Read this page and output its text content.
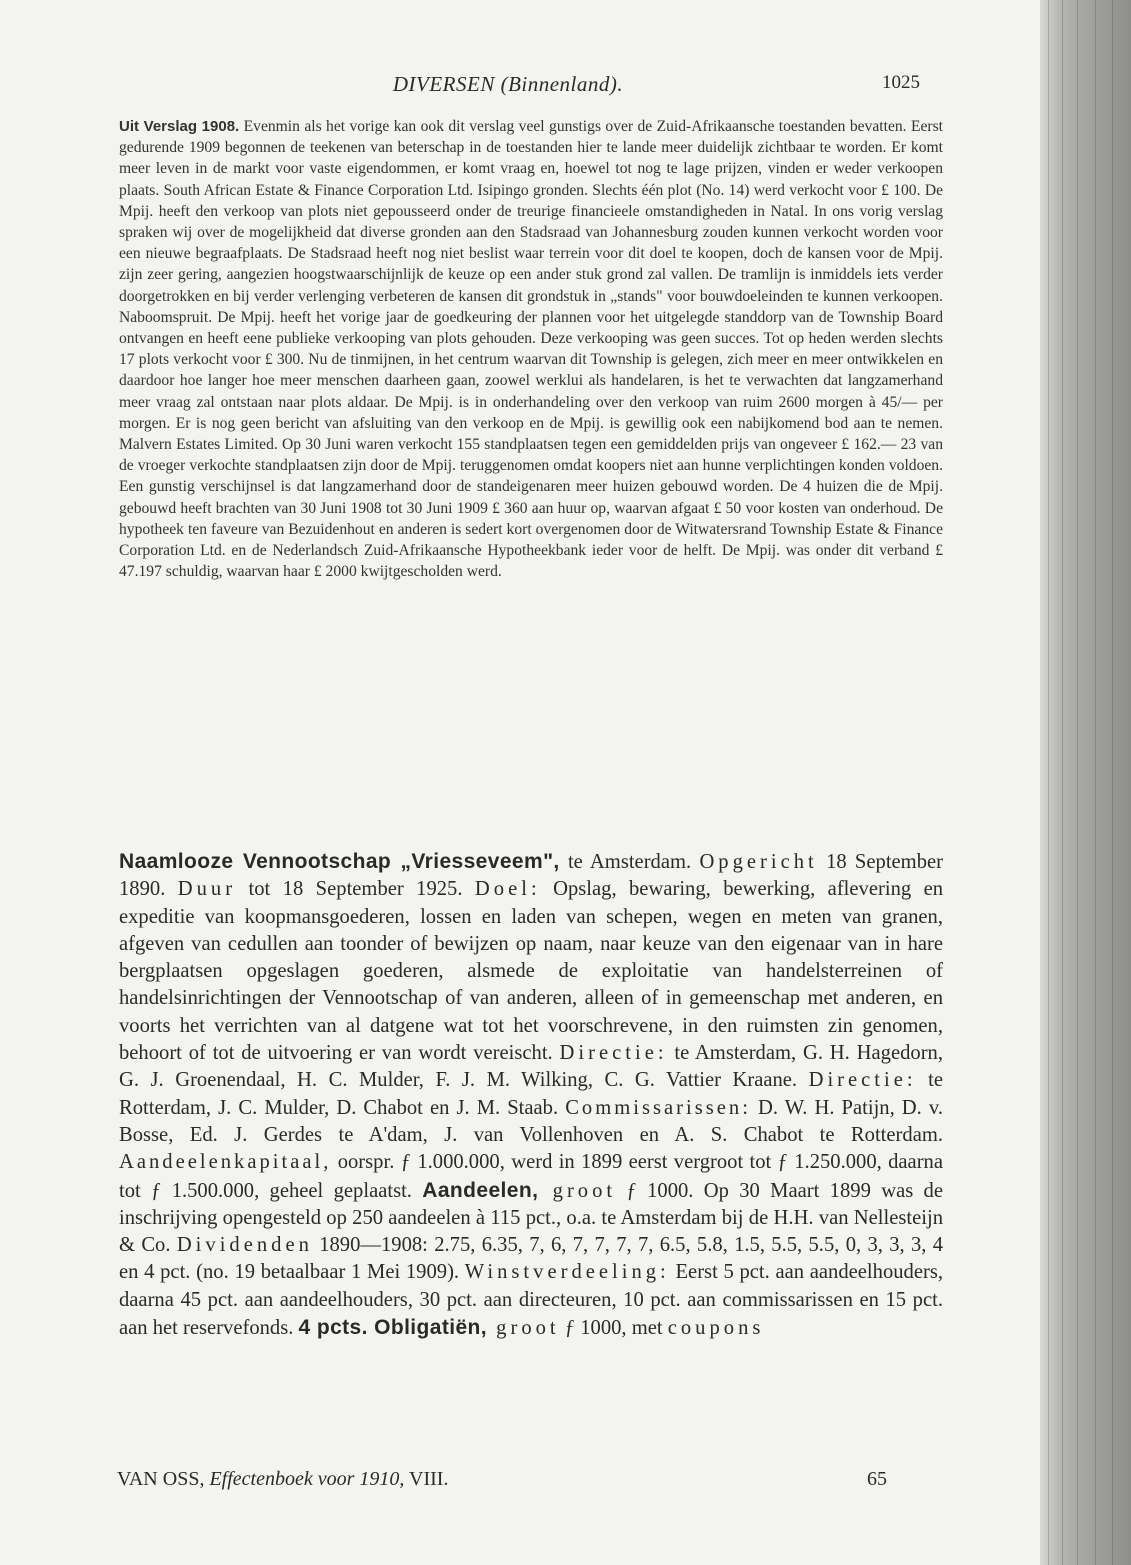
DIVERSEN (Binnenland).	1025
Uit Verslag 1908. Evenmin als het vorige kan ook dit verslag veel gunstigs over de Zuid-Afrikaansche toestanden bevatten. Eerst gedurende 1909 begonnen de teekenen van beterschap in de toestanden hier te lande meer duidelijk zichtbaar te worden. Er komt meer leven in de markt voor vaste eigendommen, er komt vraag en, hoewel tot nog te lage prijzen, vinden er weder verkoopen plaats. South African Estate & Finance Corporation Ltd. Isipingo gronden. Slechts één plot (No. 14) werd verkocht voor £ 100. De Mpij. heeft den verkoop van plots niet gepousseerd onder de treurige financieele omstandigheden in Natal. In ons vorig verslag spraken wij over de mogelijkheid dat diverse gronden aan den Stadsraad van Johannesburg zouden kunnen verkocht worden voor een nieuwe begraafplaats. De Stadsraad heeft nog niet beslist waar terrein voor dit doel te koopen, doch de kansen voor de Mpij. zijn zeer gering, aangezien hoogstwaarschijnlijk de keuze op een ander stuk grond zal vallen. De tramlijn is inmiddels iets verder doorgetrokken en bij verder verlenging verbeteren de kansen dit grondstuk in „stands" voor bouwdoeleinden te kunnen verkoopen. Naboomspruit. De Mpij. heeft het vorige jaar de goedkeuring der plannen voor het uitgelegde standdorp van de Township Board ontvangen en heeft eene publieke verkooping van plots gehouden. Deze verkooping was geen succes. Tot op heden werden slechts 17 plots verkocht voor £ 300. Nu de tinmijnen, in het centrum waarvan dit Township is gelegen, zich meer en meer ontwikkelen en daardoor hoe langer hoe meer menschen daarheen gaan, zoowel werklui als handelaren, is het te verwachten dat langzamerhand meer vraag zal ontstaan naar plots aldaar. De Mpij. is in onderhandeling over den verkoop van ruim 2600 morgen à 45/— per morgen. Er is nog geen bericht van afsluiting van den verkoop en de Mpij. is gewillig ook een nabijkomend bod aan te nemen. Malvern Estates Limited. Op 30 Juni waren verkocht 155 standplaatsen tegen een gemiddelden prijs van ongeveer £ 162.— 23 van de vroeger verkochte standplaatsen zijn door de Mpij. teruggenomen omdat koopers niet aan hunne verplichtingen konden voldoen. Een gunstig verschijnsel is dat langzamerhand door de standeigenaren meer huizen gebouwd worden. De 4 huizen die de Mpij. gebouwd heeft brachten van 30 Juni 1908 tot 30 Juni 1909 £ 360 aan huur op, waarvan afgaat £ 50 voor kosten van onderhoud. De hypotheek ten faveure van Bezuidenhout en anderen is sedert kort overgenomen door de Witwatersrand Township Estate & Finance Corporation Ltd. en de Nederlandsch Zuid-Afrikaansche Hypotheekbank ieder voor de helft. De Mpij. was onder dit verband £ 47.197 schuldig, waarvan haar £ 2000 kwijtgescholden werd.
Naamlooze Vennootschap „Vriesseveem", te Amsterdam. Opgericht 18 September 1890. Duur tot 18 September 1925. Doel: Opslag, bewaring, bewerking, aflevering en expeditie van koopmansgoederen, lossen en laden van schepen, wegen en meten van granen, afgeven van cedullen aan toonder of bewijzen op naam, naar keuze van den eigenaar van in hare bergplaatsen opgeslagen goederen, alsmede de exploitatie van handelsterreinen of handelsinrichtingen der Vennootschap of van anderen, alleen of in gemeenschap met anderen, en voorts het verrichten van al datgene wat tot het voorschrevene, in den ruimsten zin genomen, behoort of tot de uitvoering er van wordt vereischt. Directie: te Amsterdam, G. H. Hagedorn, G. J. Groenendaal, H. C. Mulder, F. J. M. Wilking, C. G. Vattier Kraane. Directie: te Rotterdam, J. C. Mulder, D. Chabot en J. M. Staab. Commissarissen: D. W. H. Patijn, D. v. Bosse, Ed. J. Gerdes te A'dam, J. van Vollenhoven en A. S. Chabot te Rotterdam. Aandeelenkapitaal, oorspr. ƒ 1.000.000, werd in 1899 eerst vergroot tot ƒ 1.250.000, daarna tot ƒ 1.500.000, geheel geplaatst. Aandeelen, groot ƒ 1000. Op 30 Maart 1899 was de inschrijving opengesteld op 250 aandeelen à 115 pct., o.a. te Amsterdam bij de H.H. van Nellesteijn & Co. Dividenden 1890—1908: 2.75, 6.35, 7, 6, 7, 7, 7, 7, 6.5, 5.8, 1.5, 5.5, 5.5, 0, 3, 3, 3, 4 en 4 pct. (no. 19 betaalbaar 1 Mei 1909). Winstverdeeling: Eerst 5 pct. aan aandeelhouders, daarna 45 pct. aan aandeelhouders, 30 pct. aan directeuren, 10 pct. aan commissarissen en 15 pct. aan het reservefonds. 4 pcts. Obligatiën, groot ƒ 1000, met coupons
VAN OSS, Effectenboek voor 1910, VIII.	65
